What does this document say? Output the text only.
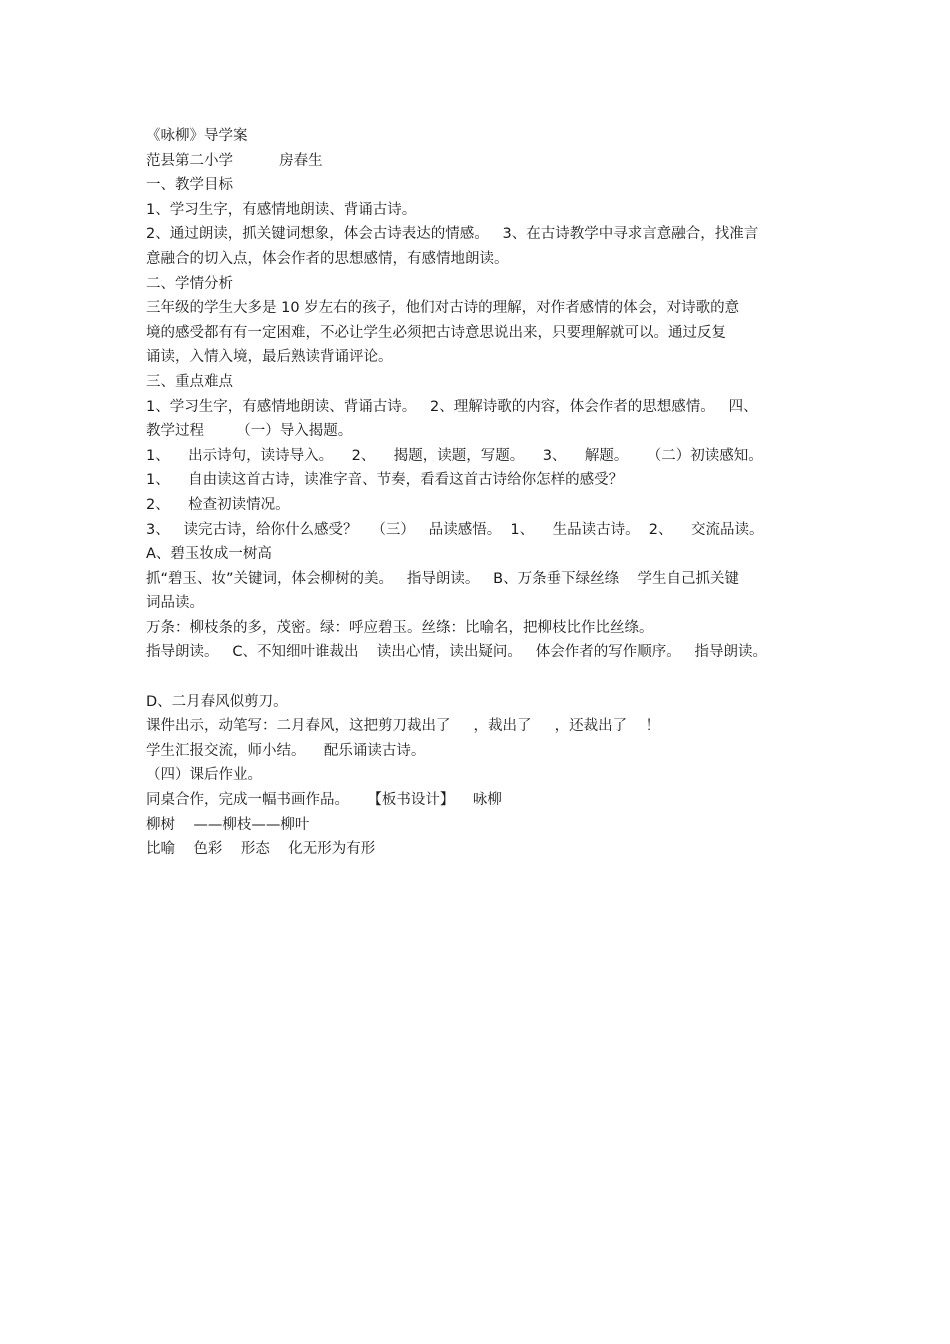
《咏柳》导学案
范县第二小学          房春生
一、教学目标
1、学习生字，有感情地朗读、背诵古诗。
2、通过朗读，抓关键词想象，体会古诗表达的情感。   3、在古诗教学中寻求言意融合，找准言
意融合的切入点，体会作者的思想感情，有感情地朗读。
二、学情分析
三年级的学生大多是 10 岁左右的孩子，他们对古诗的理解，对作者感情的体会，对诗歌的意
境的感受都有有一定困难，不必让学生必须把古诗意思说出来，只要理解就可以。通过反复
诵读，入情入境，最后熟读背诵评论。
三、重点难点
1、学习生字，有感情地朗读、背诵古诗。   2、理解诗歌的内容，体会作者的思想感情。   四、
教学过程       （一）导入揭题。
1、    出示诗句，读诗导入。    2、    揭题，读题，写题。    3、    解题。    （二）初读感知。
1、    自由读这首古诗，读准字音、节奏，看看这首古诗给你怎样的感受？
2、    检查初读情况。
3、   读完古诗，给你什么感受？   （三）   品读感悟。  1、    生品读古诗。  2、    交流品读。
A、碧玉妆成一树高
抓“碧玉、妆”关键词，体会柳树的美。   指导朗读。   B、万条垂下绿丝绦    学生自己抓关键
词品读。
万条：柳枝条的多，茂密。绿：呼应碧玉。丝绦：比喻名，把柳枝比作比丝绦。
指导朗读。   C、不知细叶谁裁出    读出心情，读出疑问。   体会作者的写作顺序。   指导朗读。
D、二月春风似剪刀。
课件出示，动笔写：二月春风，这把剪刀裁出了     ，裁出了     ，还裁出了    ！
学生汇报交流，师小结。    配乐诵读古诗。
（四）课后作业。
同桌合作，完成一幅书画作品。    【板书设计】    咏柳
柳树    ——柳枝——柳叶
比喻    色彩    形态    化无形为有形
